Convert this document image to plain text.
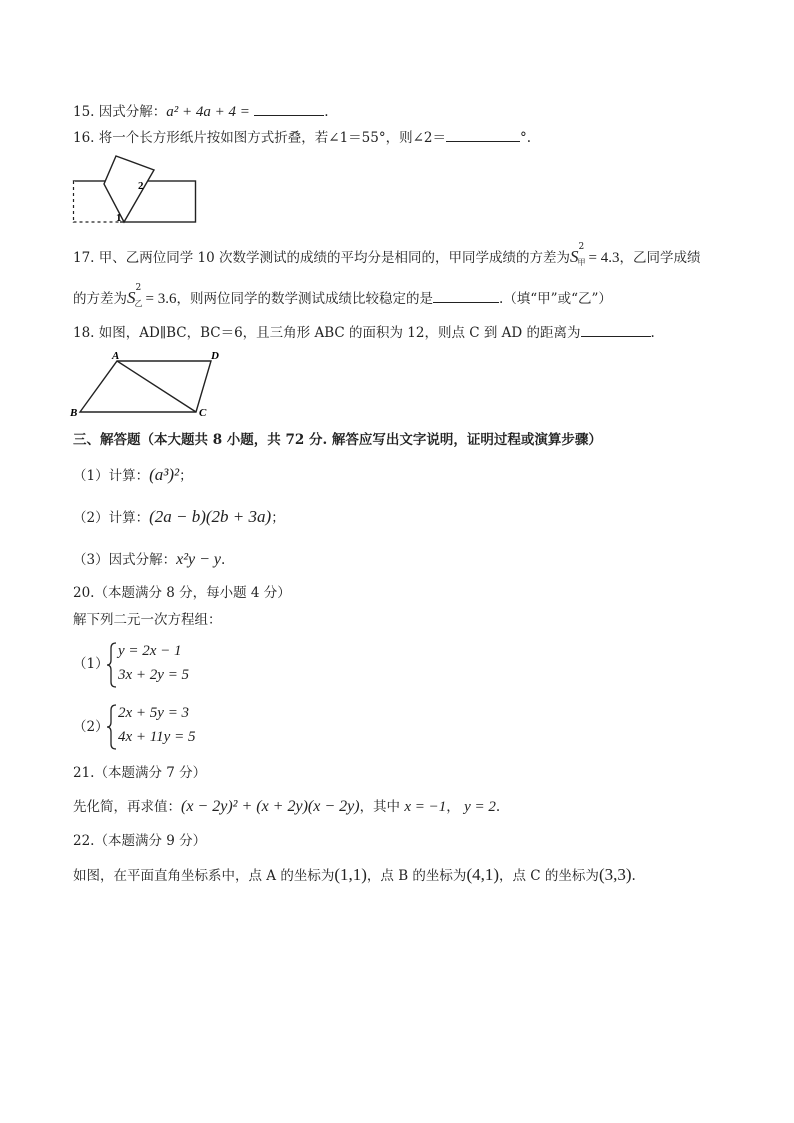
15. 因式分解：a² + 4a + 4 =	.
16. 将一个长方形纸片按如图方式折叠，若∠1＝55°，则∠2＝	°.
2
1
17. 甲、乙两位同学 10 次数学测试的成绩的平均分是相同的，甲同学成绩的方差为S 2
甲 = 4.3，乙同学成绩
的方差为S 2
乙 = 3.6，则两位同学的数学测试成绩比较稳定的是	.（填“甲”或“乙”）
18. 如图，AD∥BC，BC＝6，且三角形 ABC 的面积为 12，则点 C 到 AD 的距离为	.
A	D
B	C
三、解答题（本大题共 8 小题，共 72 分. 解答应写出文字说明，证明过程或演算步骤）
（1）计算：(a³)²；
（2）计算：(2a − b)(2b + 3a)；
（3）因式分解：x²y − y.
20.（本题满分 8 分，每小题 4 分）
解下列二元一次方程组：
（1）
y = 2x − 1
3x + 2y = 5
（2）
2x + 5y = 3
4x + 11y = 5
21.（本题满分 7 分）
先化简，再求值：(x − 2y)² + (x + 2y)(x − 2y)，其中 x = −1， y = 2.
22.（本题满分 9 分）
如图，在平面直角坐标系中，点 A 的坐标为(1,1)，点 B 的坐标为(4,1)，点 C 的坐标为(3,3).
